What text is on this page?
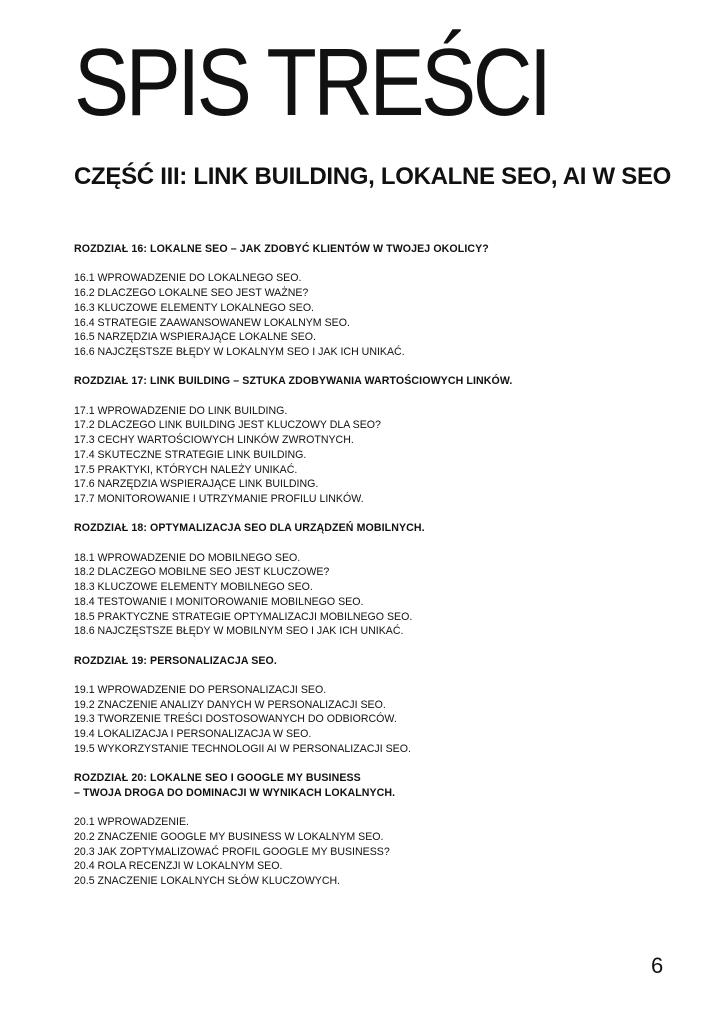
SPIS TREŚCI
CZĘŚĆ III: LINK BUILDING, LOKALNE SEO, AI W SEO
ROZDZIAŁ 16: LOKALNE SEO – JAK ZDOBYĆ KLIENTÓW W TWOJEJ OKOLICY?
16.1 WPROWADZENIE DO LOKALNEGO SEO.
16.2 DLACZEGO LOKALNE SEO JEST WAŻNE?
16.3 KLUCZOWE ELEMENTY LOKALNEGO SEO.
16.4 STRATEGIE ZAAWANSOWANEW LOKALNYM SEO.
16.5 NARZĘDZIA WSPIERAJĄCE LOKALNE SEO.
16.6 NAJCZĘSTSZE BŁĘDY W LOKALNYM SEO I JAK ICH UNIKAĆ.
ROZDZIAŁ 17: LINK BUILDING – SZTUKA ZDOBYWANIA WARTOŚCIOWYCH LINKÓW.
17.1 WPROWADZENIE DO LINK BUILDING.
17.2 DLACZEGO LINK BUILDING JEST KLUCZOWY DLA SEO?
17.3 CECHY WARTOŚCIOWYCH LINKÓW ZWROTNYCH.
17.4 SKUTECZNE STRATEGIE LINK BUILDING.
17.5 PRAKTYKI, KTÓRYCH NALEŻY UNIKAĆ.
17.6 NARZĘDZIA WSPIERAJĄCE LINK BUILDING.
17.7 MONITOROWANIE I UTRZYMANIE PROFILU LINKÓW.
ROZDZIAŁ 18: OPTYMALIZACJA SEO DLA URZĄDZEŃ MOBILNYCH.
18.1 WPROWADZENIE DO MOBILNEGO SEO.
18.2 DLACZEGO MOBILNE SEO JEST KLUCZOWE?
18.3 KLUCZOWE ELEMENTY MOBILNEGO SEO.
18.4 TESTOWANIE I MONITOROWANIE MOBILNEGO SEO.
18.5 PRAKTYCZNE STRATEGIE OPTYMALIZACJI MOBILNEGO SEO.
18.6 NAJCZĘSTSZE BŁĘDY W MOBILNYM SEO I JAK ICH UNIKAĆ.
ROZDZIAŁ 19: PERSONALIZACJA SEO.
19.1 WPROWADZENIE DO PERSONALIZACJI SEO.
19.2 ZNACZENIE ANALIZY DANYCH W PERSONALIZACJI SEO.
19.3 TWORZENIE TREŚCI DOSTOSOWANYCH DO ODBIORCÓW.
19.4 LOKALIZACJA I PERSONALIZACJA W SEO.
19.5 WYKORZYSTANIE TECHNOLOGII AI W PERSONALIZACJI SEO.
ROZDZIAŁ 20: LOKALNE SEO I GOOGLE MY BUSINESS
– TWOJA DROGA DO DOMINACJI W WYNIKACH LOKALNYCH.
20.1 WPROWADZENIE.
20.2 ZNACZENIE GOOGLE MY BUSINESS W LOKALNYM SEO.
20.3 JAK ZOPTYMALIZOWAĆ PROFIL GOOGLE MY BUSINESS?
20.4 ROLA RECENZJI W LOKALNYM SEO.
20.5 ZNACZENIE LOKALNYCH SŁÓW KLUCZOWYCH.
6
